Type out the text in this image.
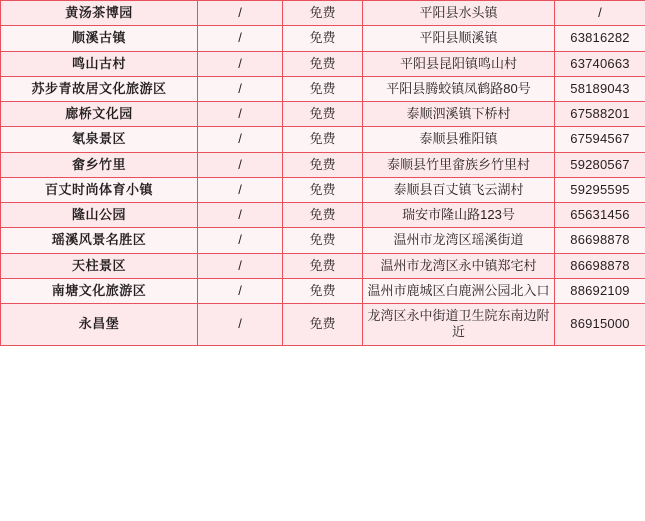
黄汤茶博园	/	免费	平阳县水头镇	/
顺溪古镇	/	免费	平阳县顺溪镇	63816282
鸣山古村	/	免费	平阳县昆阳镇鸣山村	63740663
苏步青故居文化旅游区	/	免费	平阳县腾蛟镇凤鹤路80号	58189043
廊桥文化园	/	免费	泰顺泗溪镇下桥村	67588201
氡泉景区	/	免费	泰顺县雅阳镇	67594567
畲乡竹里	/	免费	泰顺县竹里畲族乡竹里村	59280567
百丈时尚体育小镇	/	免费	泰顺县百丈镇飞云湖村	59295595
隆山公园	/	免费	瑞安市隆山路123号	65631456
瑶溪风景名胜区	/	免费	温州市龙湾区瑶溪街道	86698878
天柱景区	/	免费	温州市龙湾区永中镇郑宅村	86698878
南塘文化旅游区	/	免费	温州市鹿城区白鹿洲公园北入口	88692109
永昌堡	/	免费	龙湾区永中街道卫生院东南边附近	86915000
